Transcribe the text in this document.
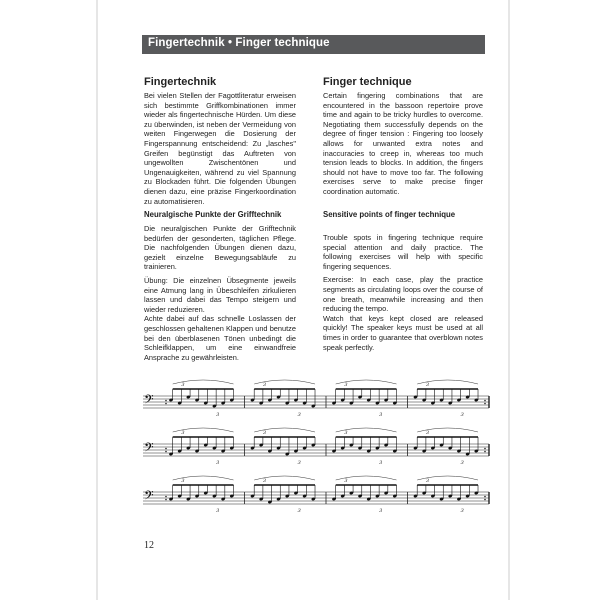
Fingertechnik • Finger technique
Fingertechnik

Bei vielen Stellen der Fagottliteratur erweisen sich bestimmte Griffkombinationen immer wieder als fingertechnische Hürden. Um diese zu überwinden, ist neben der Vermeidung von weiten Fingerwegen die Dosierung der Fingerspannung entscheidend: Zu „lasches" Greifen begünstigt das Auftreten von ungewollten Zwischentönen und Ungenauigkeiten, während zu viel Spannung zu Blockaden führt. Die folgenden Übungen dienen dazu, eine präzise Fingerkoordination zu automatisieren.

Finger technique

Certain fingering combinations that are encountered in the bassoon repertoire prove time and again to be tricky hurdles to overcome. Negotiating them successfully depends on the degree of finger tension : Fingering too loosely allows for unwanted extra notes and inaccuracies to creep in, whereas too much tension leads to blocks. In addition, the fingers should not have to move too far. The following exercises serve to make precise finger coordination automatic.

Neuralgische Punkte der Grifftechnik

Die neuralgischen Punkte der Grifftechnik bedürfen der gesonderten, täglichen Pflege. Die nachfolgenden Übungen dienen dazu, gezielt einzelne Bewegungsabläufe zu trainieren.

Übung: Die einzelnen Übsegmente jeweils eine Atmung lang in Übeschleifen zirkulieren lassen und dabei das Tempo steigern und wieder reduzieren.

Achte dabei auf das schnelle Loslassen der geschlossen gehaltenen Klappen und benutze bei den überblasenen Tönen unbedingt die Schleifklappen, um eine einwandfreie Ansprache zu gewährleisten.

Sensitive points of finger technique

Trouble spots in fingering technique require special attention and daily practice. The following exercises will help with specific fingering sequences.

Exercise: In each case, play the practice segments as circulating loops over the course of one breath, meanwhile increasing and then reducing the tempo.

Watch that keys kept closed are released quickly! The speaker keys must be used at all times in order to guarantee that overblown notes speak perfectly.

𝄢
3
3
3
3
3
3
3
3
𝄢
3
3
3
3
3
3
3
3
𝄢
3
3
3
3
3
3
3
3
12
